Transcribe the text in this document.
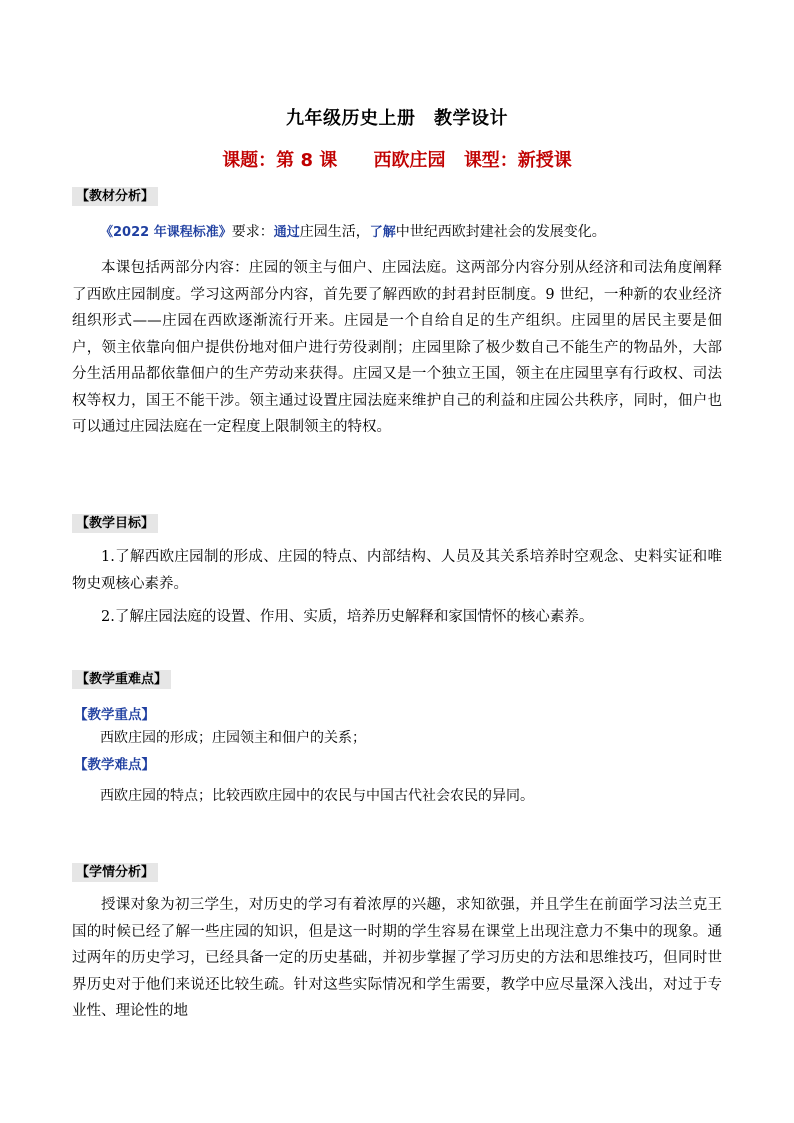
九年级历史上册　教学设计
课题：第 8 课 西欧庄园 课型：新授课
【教材分析】
《2022 年课程标准》要求：通过庄园生活，了解中世纪西欧封建社会的发展变化。

本课包括两部分内容：庄园的领主与佃户、庄园法庭。这两部分内容分别从经济和司法角度阐释了西欧庄园制度。学习这两部分内容，首先要了解西欧的封君封臣制度。9 世纪，一种新的农业经济组织形式——庄园在西欧逐渐流行开来。庄园是一个自给自足的生产组织。庄园里的居民主要是佃户，领主依靠向佃户提供份地对佃户进行劳役剥削；庄园里除了极少数自己不能生产的物品外，大部分生活用品都依靠佃户的生产劳动来获得。庄园又是一个独立王国，领主在庄园里享有行政权、司法权等权力，国王不能干涉。领主通过设置庄园法庭来维护自己的利益和庄园公共秩序，同时，佃户也可以通过庄园法庭在一定程度上限制领主的特权。

【教学目标】

1.了解西欧庄园制的形成、庄园的特点、内部结构、人员及其关系培养时空观念、史料实证和唯物史观核心素养。

2.了解庄园法庭的设置、作用、实质，培养历史解释和家国情怀的核心素养。

【教学重难点】
【教学重点】
西欧庄园的形成；庄园领主和佃户的关系；
【教学难点】
西欧庄园的特点；比较西欧庄园中的农民与中国古代社会农民的异同。
【学情分析】

授课对象为初三学生，对历史的学习有着浓厚的兴趣，求知欲强，并且学生在前面学习法兰克王国的时候已经了解一些庄园的知识，但是这一时期的学生容易在课堂上出现注意力不集中的现象。通过两年的历史学习，已经具备一定的历史基础，并初步掌握了学习历史的方法和思维技巧，但同时世界历史对于他们来说还比较生疏。针对这些实际情况和学生需要，教学中应尽量深入浅出，对过于专业性、理论性的地
